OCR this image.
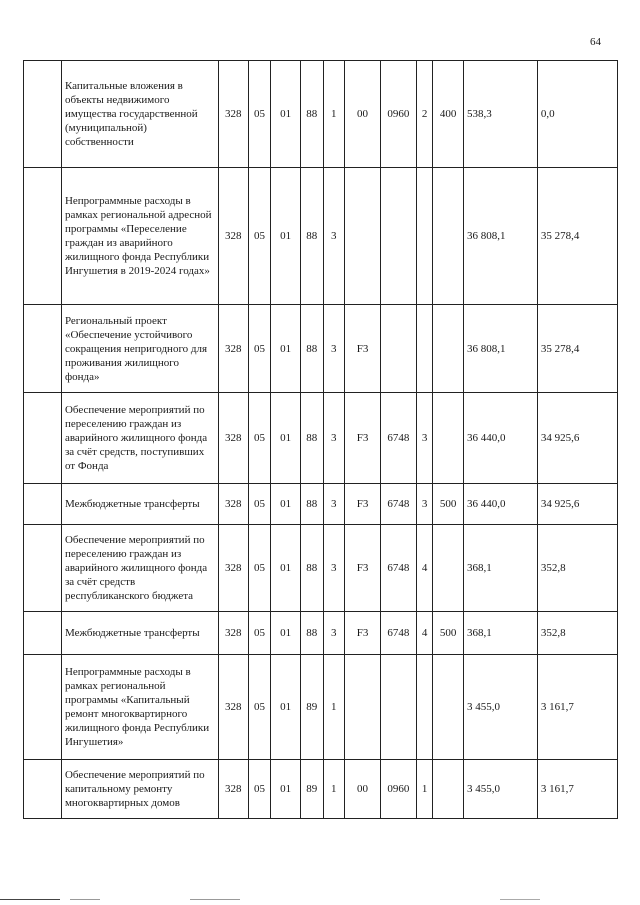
64
	Капитальные вложения в объекты недвижимого имущества государственной (муниципальной) собственности	328	05	01	88	1	00	0960	2	400	538,3	0,0
	Непрограммные расходы в рамках региональной адресной программы «Переселение граждан из аварийного жилищного фонда Республики Ингушетия в 2019-2024 годах»	328	05	01	88	3					36 808,1	35 278,4
	Региональный проект «Обеспечение устойчивого сокращения непригодного для проживания жилищного фонда»	328	05	01	88	3	F3				36 808,1	35 278,4
	Обеспечение мероприятий по переселению граждан из аварийного жилищного фонда за счёт средств, поступивших от Фонда	328	05	01	88	3	F3	6748	3		36 440,0	34 925,6
	Межбюджетные трансферты	328	05	01	88	3	F3	6748	3	500	36 440,0	34 925,6
	Обеспечение мероприятий по переселению граждан из аварийного жилищного фонда за счёт средств республиканского бюджета	328	05	01	88	3	F3	6748	4		368,1	352,8
	Межбюджетные трансферты	328	05	01	88	3	F3	6748	4	500	368,1	352,8
	Непрограммные расходы в рамках региональной программы «Капитальный ремонт многоквартирного жилищного фонда Республики Ингушетия»	328	05	01	89	1					3 455,0	3 161,7
	Обеспечение мероприятий по капитальному ремонту многоквартирных домов	328	05	01	89	1	00	0960	1		3 455,0	3 161,7
